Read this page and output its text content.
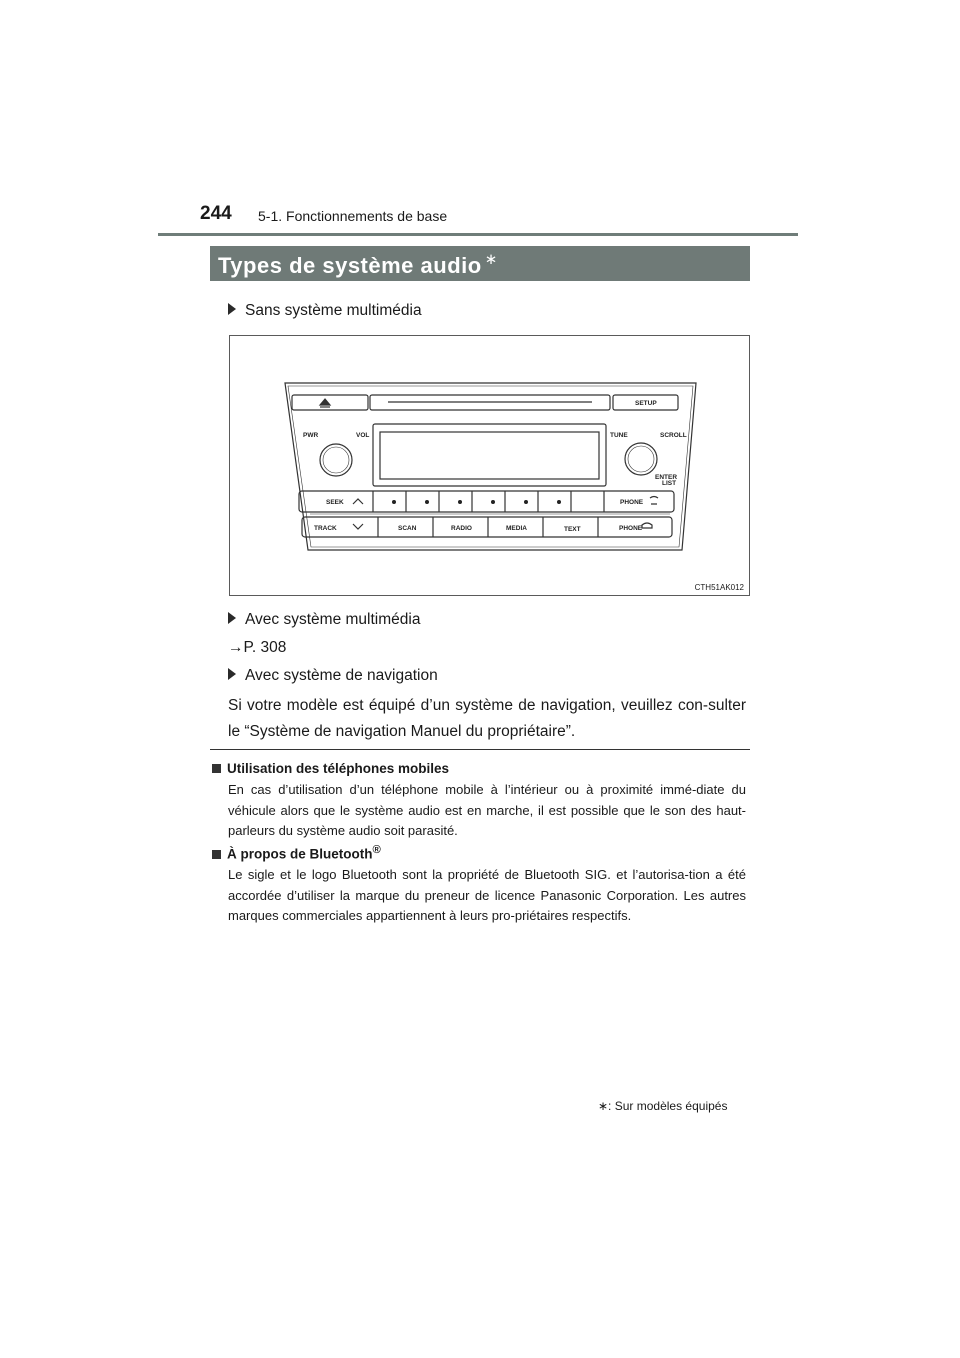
244 5-1. Fonctionnements de base
Types de système audio ∗
Sans système multimédia
SETUP
PWR	VOL	TUNE	SCROLL
ENTER
LIST
SEEK	PHONE
TRACK	SCAN	RADIO	MEDIA	TEXT	PHONE
CTH51AK012
Avec système multimédia
→P. 308
Avec système de navigation
Si votre modèle est équipé d’un système de navigation, veuillez con-sulter le “Système de navigation Manuel du propriétaire”.
Utilisation des téléphones mobiles
En cas d’utilisation d’un téléphone mobile à l’intérieur ou à proximité immé-diate du véhicule alors que le système audio est en marche, il est possible que le son des haut-parleurs du système audio soit parasité.
À propos de Bluetooth®
Le sigle et le logo Bluetooth sont la propriété de Bluetooth SIG. et l’autorisa-tion a été accordée d’utiliser la marque du preneur de licence Panasonic Corporation. Les autres marques commerciales appartiennent à leurs pro-priétaires respectifs.
∗: Sur modèles équipés
